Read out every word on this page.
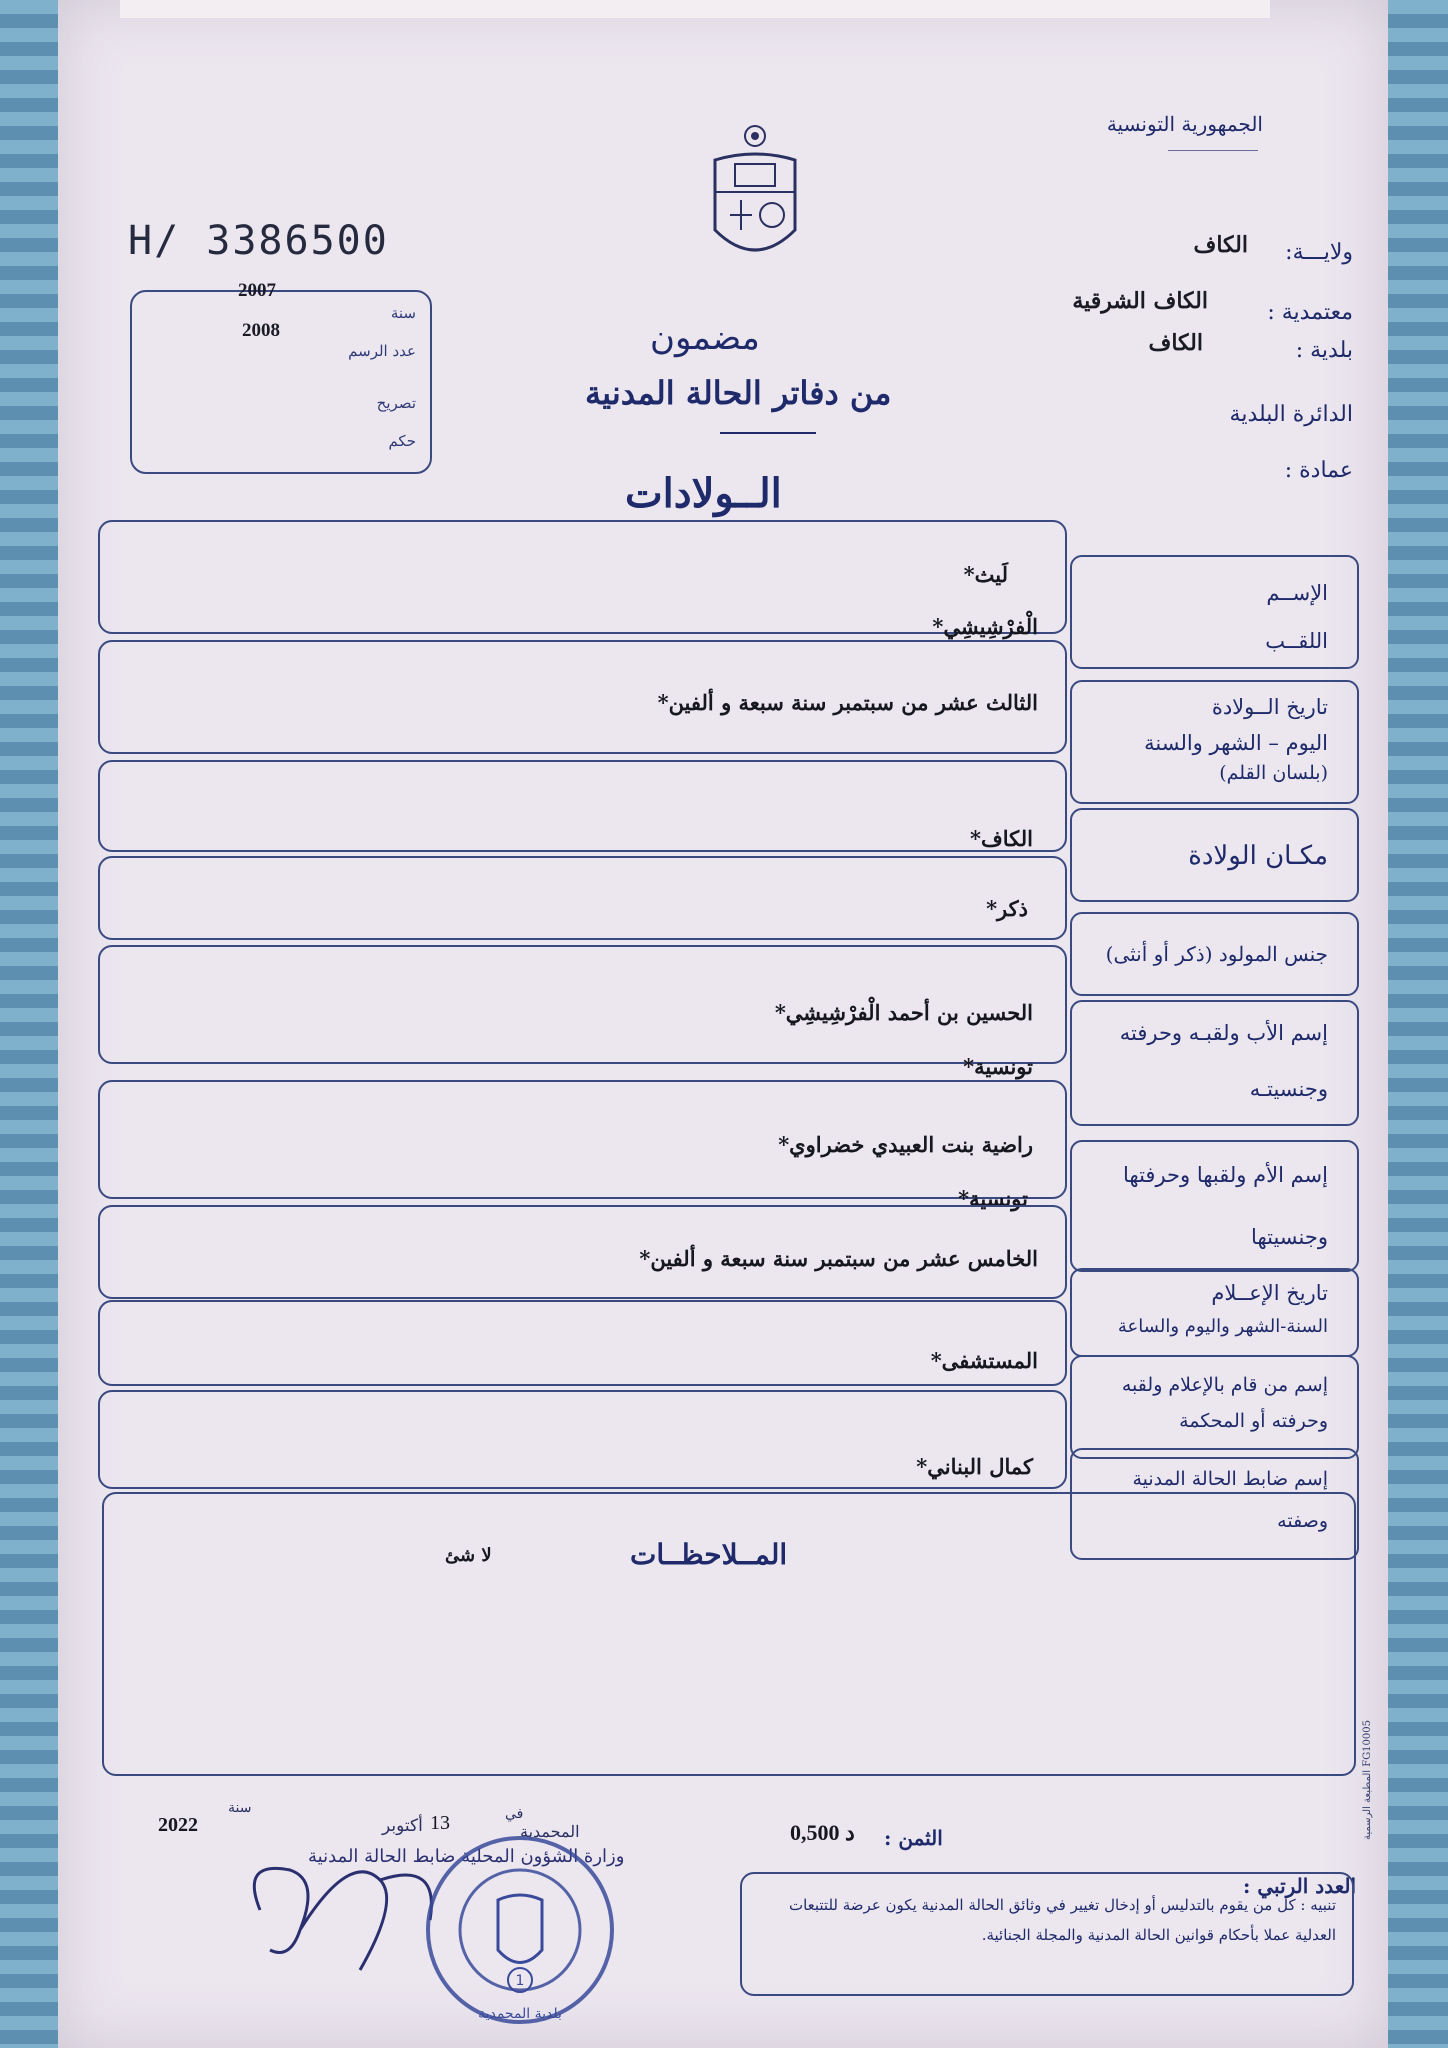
الجمهورية التونسية
H/ 3386500
سنة
عدد الرسم
تصريح
حكم
2007
2008
ولايـــة:
الكاف
معتمدية :
الكاف الشرقية
بلدية :
الكاف
الدائرة البلدية
عمادة :
مضمون
من دفاتر الحالة المدنية
الــولادات
الإســم
اللقــب
لَيث*
الْفرْشِيشِي*
تاريخ الــولادة
اليوم – الشهر والسنة
(بلسان القلم)
الثالث عشر من سبتمبر سنة سبعة و ألفين*
مكـان الولادة
الكاف*
جنس المولود (ذكر أو أنثى)
ذكر*
إسم الأب ولقبـه وحرفته
وجنسيتـه
الحسين بن أحمد الْفرْشِيشِي*
تونسية*
إسم الأم ولقبها وحرفتها
وجنسيتها
راضية بنت العبيدي خضراوي*
تونسية*
تاريخ الإعــلام
السنة-الشهر واليوم والساعة
الخامس عشر من سبتمبر سنة سبعة و ألفين*
إسم من قام بالإعلام ولقبه
وحرفته أو المحكمة
المستشفى*
إسم ضابط الحالة المدنية
وصفته
كمال البناني*
المــلاحظــات
لا شئ
العدد الرتبي :
الثمن :
0,500 د
المحمدية
في
13
أكتوبر
سنة
2022
وزارة الشؤون المحلية ضابط الحالة المدنية
تنبيه : كل من يقوم بالتدليس أو إدخال تغيير في وثائق الحالة المدنية يكون عرضة للتتبعات العدلية عملا بأحكام قوانين الحالة المدنية والمجلة الجنائية.
المطبعة الرسمية FG10005
1
بلدية المحمدية
